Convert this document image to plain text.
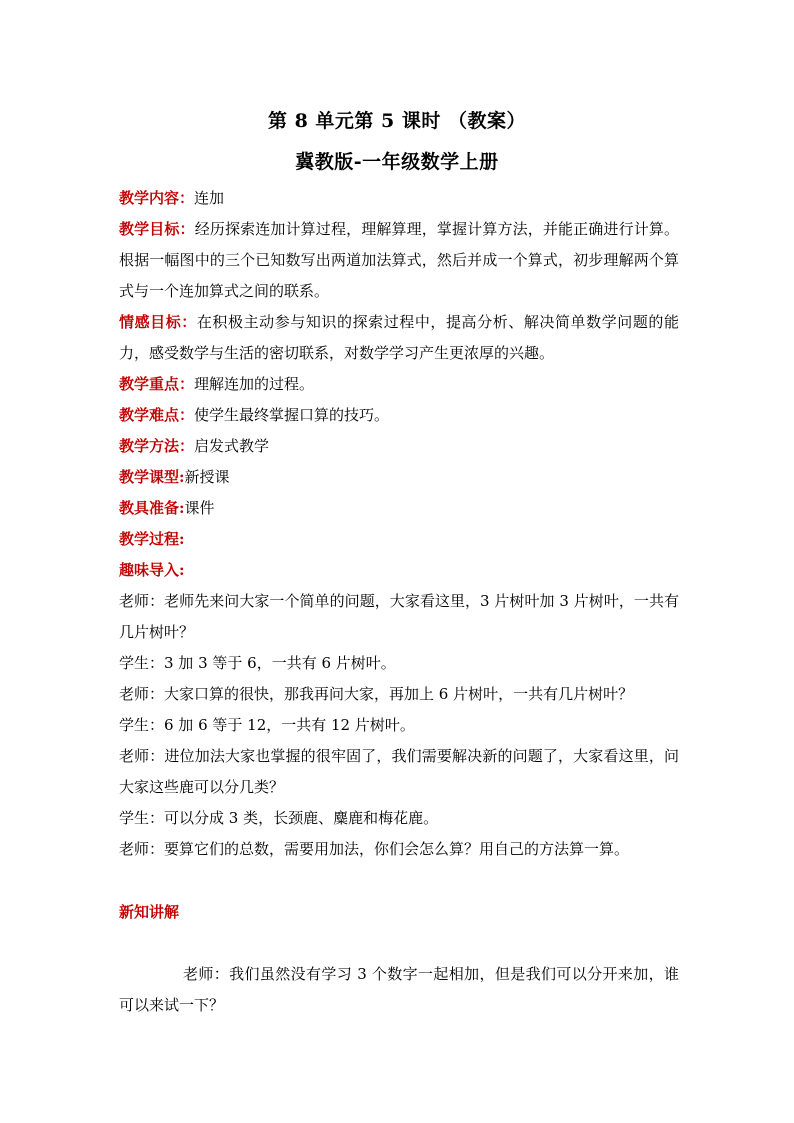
第 8 单元第 5 课时 （教案）
冀教版-一年级数学上册

教学内容：连加

教学目标：经历探索连加计算过程，理解算理，掌握计算方法，并能正确进行计算。根据一幅图中的三个已知数写出两道加法算式，然后并成一个算式，初步理解两个算式与一个连加算式之间的联系。

情感目标：在积极主动参与知识的探索过程中，提高分析、解决简单数学问题的能力，感受数学与生活的密切联系，对数学学习产生更浓厚的兴趣。

教学重点：理解连加的过程。

教学难点：使学生最终掌握口算的技巧。

教学方法：启发式教学

教学课型:新授课

教具准备:课件

教学过程:

趣味导入:

老师：老师先来问大家一个简单的问题，大家看这里，3 片树叶加 3 片树叶，一共有几片树叶？

学生：3 加 3 等于 6，一共有 6 片树叶。

老师：大家口算的很快，那我再问大家，再加上 6 片树叶，一共有几片树叶？

学生：6 加 6 等于 12，一共有 12 片树叶。

老师：进位加法大家也掌握的很牢固了，我们需要解决新的问题了，大家看这里，问大家这些鹿可以分几类？

学生：可以分成 3 类，长颈鹿、麋鹿和梅花鹿。

老师：要算它们的总数，需要用加法，你们会怎么算？用自己的方法算一算。

新知讲解

老师：我们虽然没有学习 3 个数字一起相加，但是我们可以分开来加，谁可以来试一下？
